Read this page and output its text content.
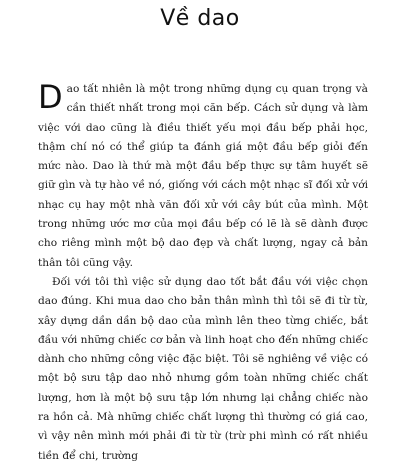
Về dao

Dao tất nhiên là một trong những dụng cụ quan trọng và cần thiết nhất trong mọi căn bếp. Cách sử dụng và làm việc với dao cũng là điều thiết yếu mọi đầu bếp phải học, thậm chí nó có thể giúp ta đánh giá một đầu bếp giỏi đến mức nào. Dao là thứ mà một đầu bếp thực sự tâm huyết sẽ giữ gìn và tự hào về nó, giống với cách một nhạc sĩ đối xử với nhạc cụ hay một nhà văn đối xử với cây bút của mình. Một trong những ước mơ của mọi đầu bếp có lẽ là sẽ dành được cho riêng mình một bộ dao đẹp và chất lượng, ngay cả bản thân tôi cũng vậy.

Đối với tôi thì việc sử dụng dao tốt bắt đầu với việc chọn dao đúng. Khi mua dao cho bản thân mình thì tôi sẽ đi từ từ, xây dựng dần dần bộ dao của mình lên theo từng chiếc, bắt đầu với những chiếc cơ bản và linh hoạt cho đến những chiếc dành cho những công việc đặc biệt. Tôi sẽ nghiêng về việc có một bộ sưu tập dao nhỏ nhưng gồm toàn những chiếc chất lượng, hơn là một bộ sưu tập lớn nhưng lại chẳng chiếc nào ra hồn cả. Mà những chiếc chất lượng thì thường có giá cao, vì vậy nên mình mới phải đi từ từ (trừ phi mình có rất nhiều tiền để chi, trường
